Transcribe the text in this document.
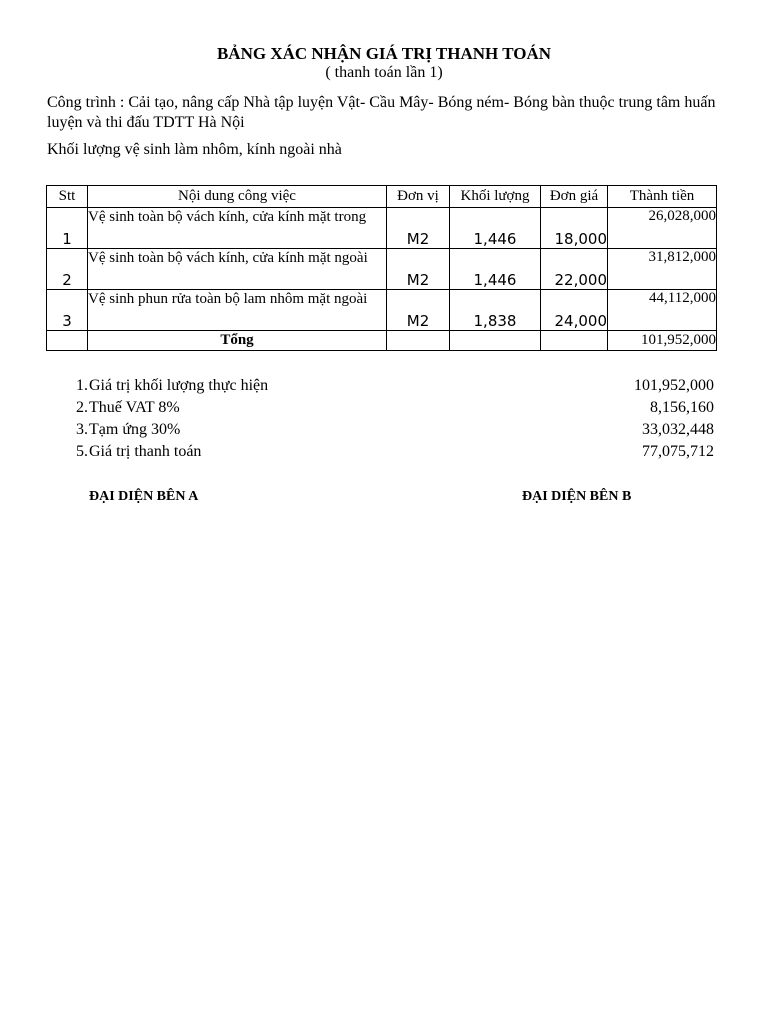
BẢNG XÁC NHẬN GIÁ TRỊ THANH TOÁN
( thanh toán lần 1)
Công trình : Cải tạo, nâng cấp Nhà tập luyện Vật- Cầu Mây- Bóng ném- Bóng bàn thuộc trung tâm huấn luyện và thi đấu TDTT Hà Nội
Khối lượng vệ sinh làm nhôm, kính ngoài nhà
Stt	Nội dung công việc	Đơn vị	Khối lượng	Đơn giá	Thành tiền
1	Vệ sinh toàn bộ vách kính, cửa kính mặt trong	M2	1,446	18,000	26,028,000
2	Vệ sinh toàn bộ vách kính, cửa kính mặt ngoài	M2	1,446	22,000	31,812,000
3	Vệ sinh phun rửa toàn bộ lam nhôm mặt ngoài	M2	1,838	24,000	44,112,000
	Tổng				101,952,000
1. Giá trị khối lượng thực hiện	101,952,000
2. Thuế VAT 8%	8,156,160
3. Tạm ứng 30%	33,032,448
5. Giá trị thanh toán	77,075,712
ĐẠI DIỆN BÊN A	ĐẠI DIỆN BÊN B
